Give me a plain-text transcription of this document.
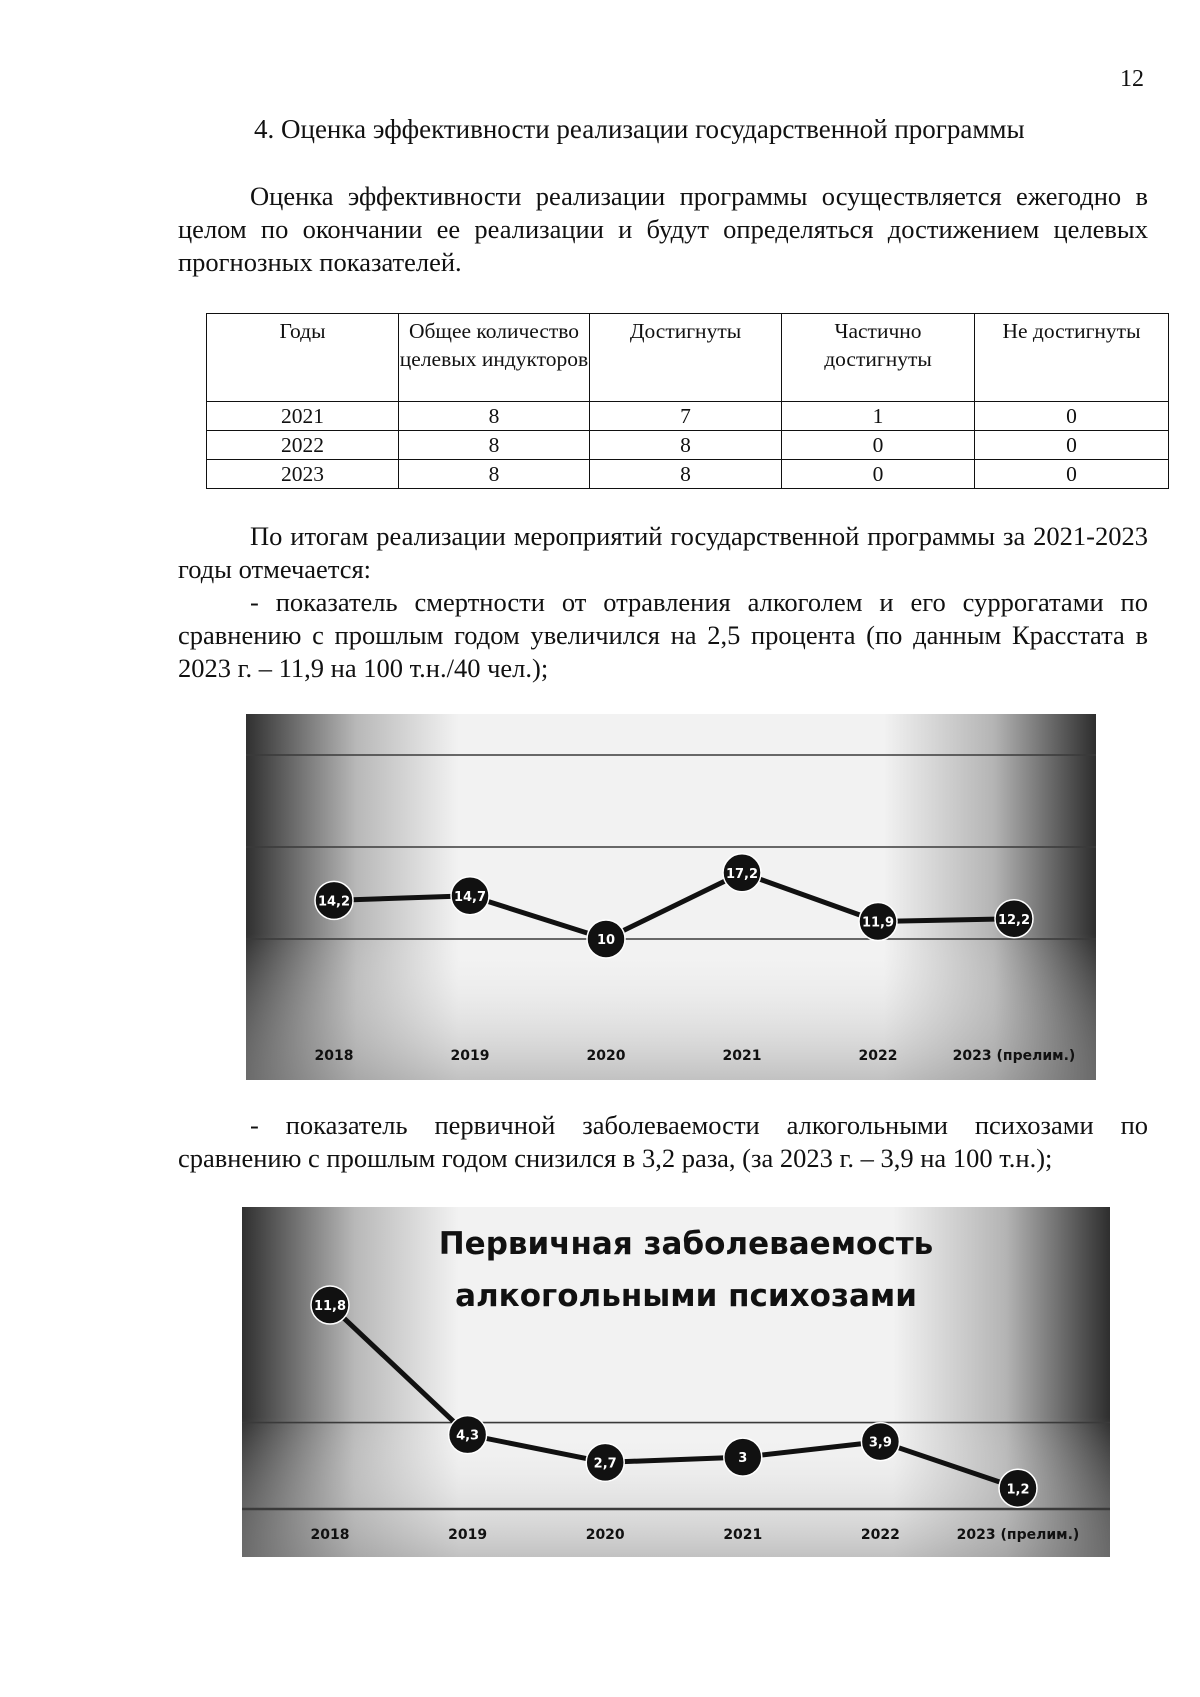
12
4. Оценка эффективности реализации государственной программы

Оценка эффективности реализации программы осуществляется ежегодно в целом по окончании ее реализации и будут определяться достижением целевых прогнозных показателей.

Годы	Общее количество целевых индукторов	Достигнуты	Частично достигнуты	Не достигнуты
2021	8	7	1	0
2022	8	8	0	0
2023	8	8	0	0

По итогам реализации мероприятий государственной программы за 2021-2023 годы отмечается:
- показатель смертности от отравления алкоголем и его суррогатами по сравнению с прошлым годом увеличился на 2,5 процента (по данным Красстата в 2023 г. – 11,9 на 100 т.н./40 чел.);

14,2	14,7
10
17,2
11,9	12,2
2018	2019	2020	2021	2022	2023 (прелим.)

- показатель первичной заболеваемости алкогольными психозами по сравнению с прошлым годом снизился в 3,2 раза, (за 2023 г. – 3,9 на 100 т.н.);

Первичная заболеваемость
алкогольными психозами
11,8
4,3
2,7	3
3,9
1,2
2018	2019	2020	2021	2022	2023 (прелим.)
